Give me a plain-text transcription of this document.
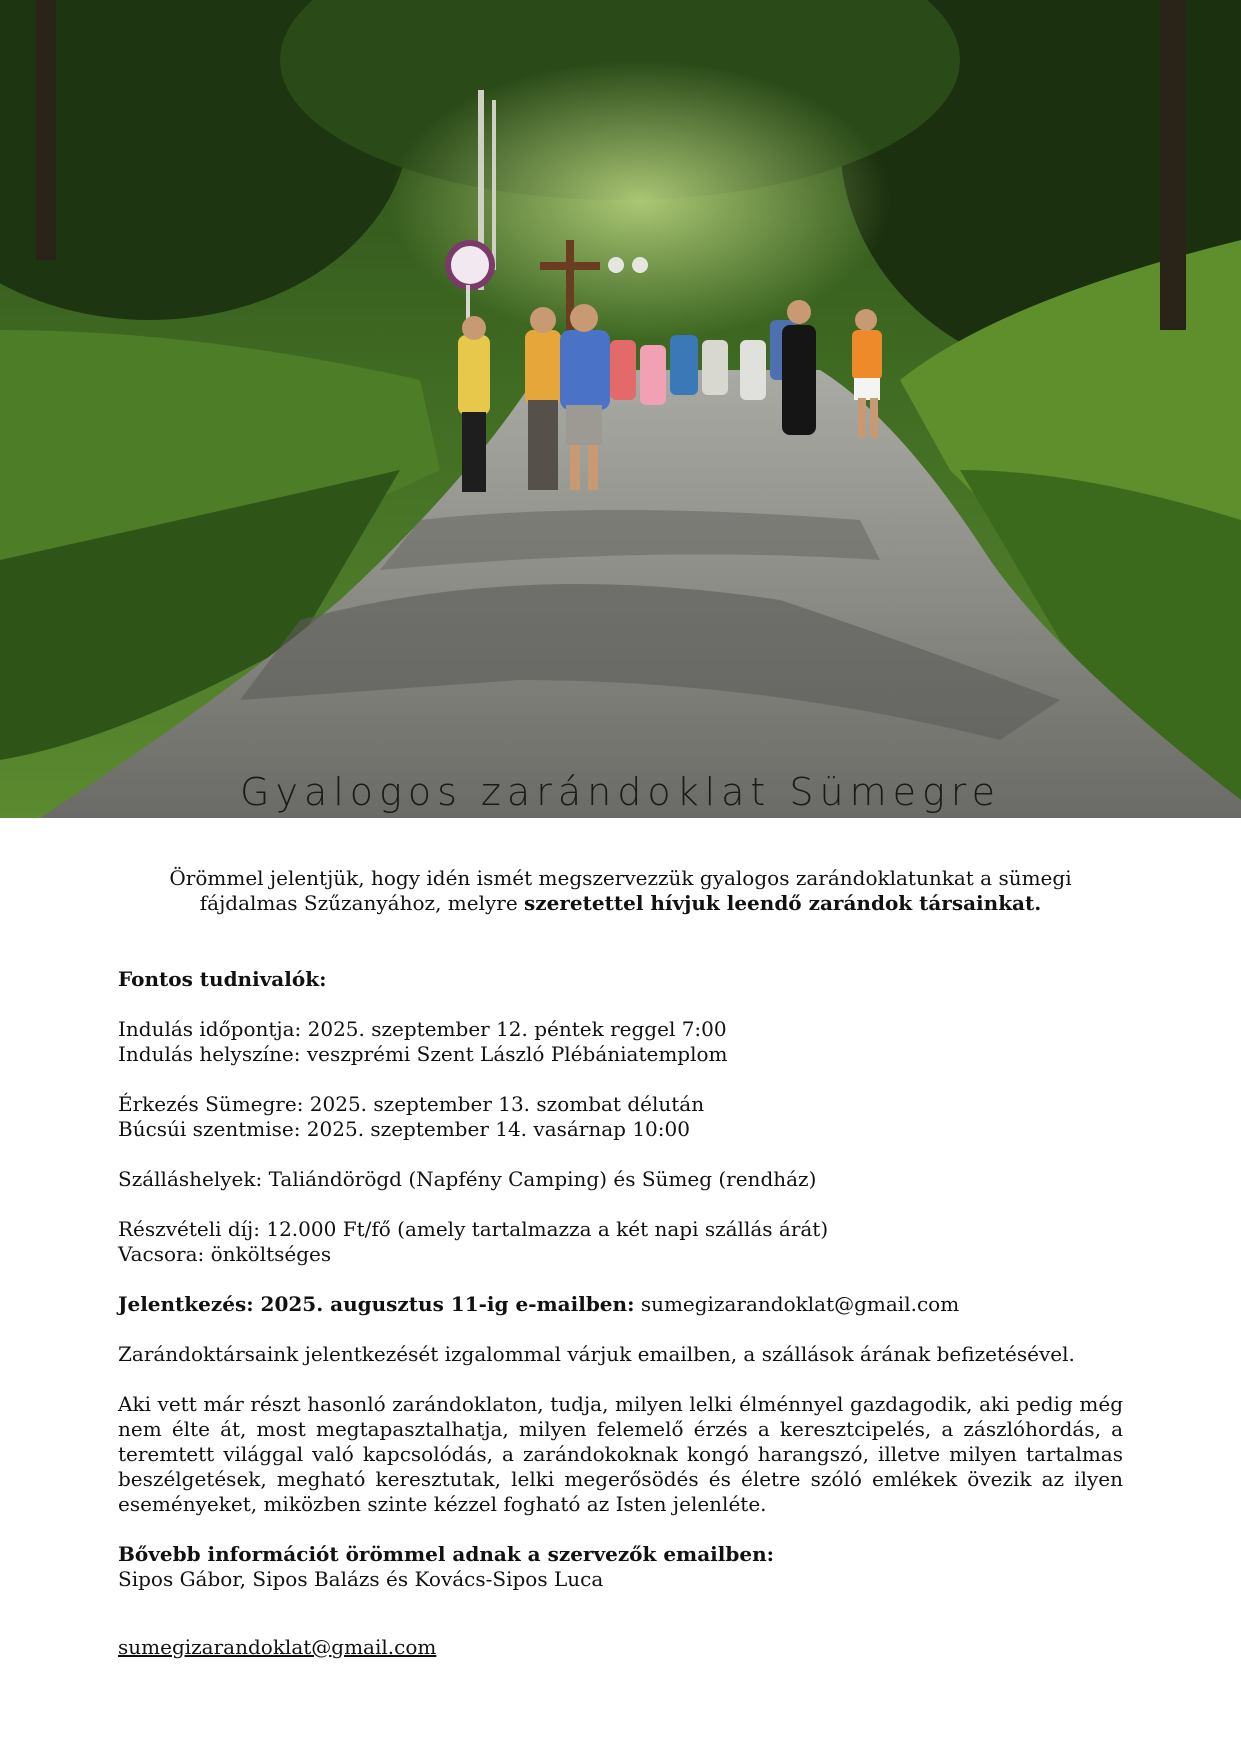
Gyalogos zarándoklat Sümegre
Örömmel jelentjük, hogy idén ismét megszervezzük gyalogos zarándoklatunkat a sümegi fájdalmas Szűzanyához, melyre szeretettel hívjuk leendő zarándok társainkat.

Fontos tudnivalók:

Indulás időpontja: 2025. szeptember 12. péntek reggel 7:00

Indulás helyszíne: veszprémi Szent László Plébániatemplom

Érkezés Sümegre: 2025. szeptember 13. szombat délután

Búcsúi szentmise: 2025. szeptember 14. vasárnap 10:00

Szálláshelyek: Taliándörögd (Napfény Camping) és Sümeg (rendház)

Részvételi díj: 12.000 Ft/fő (amely tartalmazza a két napi szállás árát)

Vacsora: önköltséges

Jelentkezés: 2025. augusztus 11-ig e-mailben: sumegizarandoklat@gmail.com

Zarándoktársaink jelentkezését izgalommal várjuk emailben, a szállások árának befizetésével.

Aki vett már részt hasonló zarándoklaton, tudja, milyen lelki élménnyel gazdagodik, aki pedig még nem élte át, most megtapasztalhatja, milyen felemelő érzés a keresztcipelés, a zászlóhordás, a teremtett világgal való kapcsolódás, a zarándokoknak kongó harangszó, illetve milyen tartalmas beszélgetések, megható keresztutak, lelki megerősödés és életre szóló emlékek övezik az ilyen eseményeket, miközben szinte kézzel fogható az Isten jelenléte.

Bővebb információt örömmel adnak a szervezők emailben:

Sipos Gábor, Sipos Balázs és Kovács-Sipos Luca

sumegizarandoklat@gmail.com
